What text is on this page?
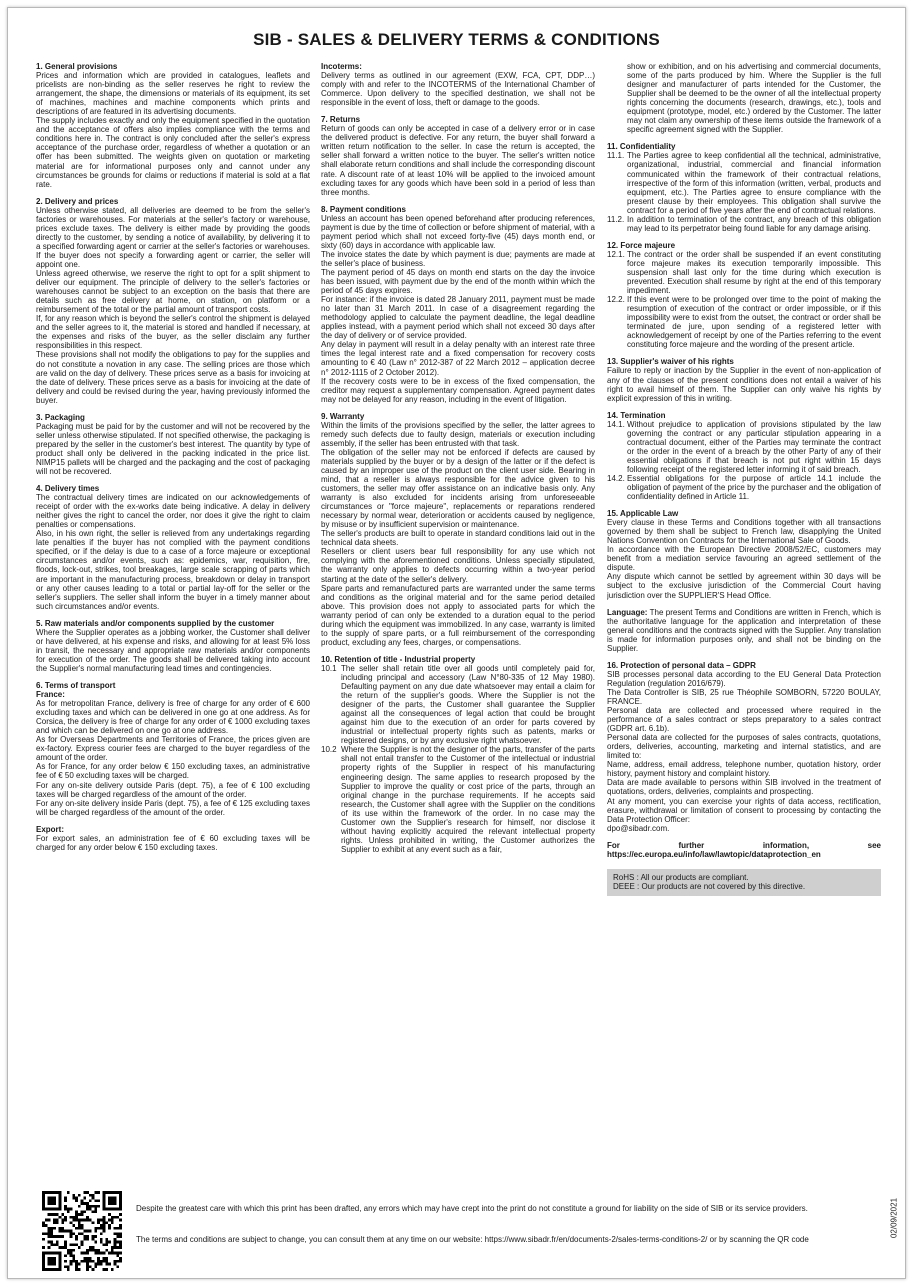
SIB - SALES & DELIVERY TERMS & CONDITIONS
1. General provisions
Prices and information which are provided in catalogues, leaflets and pricelists are non-binding as the seller reserves he right to review the arrangement, the shape, the dimensions or materials of its equipment, its set of machines, machines and machine components which prints and descriptions of are featured in its advertising documents.
The supply includes exactly and only the equipment specified in the quotation and the acceptance of offers also implies compliance with the terms and conditions here in. The contract is only concluded after the seller's express acceptance of the purchase order, regardless of whether a quotation or an offer has been submitted. The weights given on quotation or marketing material are for informational purposes only and cannot under any circumstances be grounds for claims or reductions if material is sold at a flat rate.
2. Delivery and prices
Unless otherwise stated, all deliveries are deemed to be from the seller's factories or warehouses. For materials at the seller's factory or warehouse, prices exclude taxes. The delivery is either made by providing the goods directly to the customer, by sending a notice of availability, by delivering it to a specified forwarding agent or carrier at the seller's factories or warehouses. If the buyer does not specify a forwarding agent or carrier, the seller will appoint one.
Unless agreed otherwise, we reserve the right to opt for a split shipment to deliver our equipment. The principle of delivery to the seller's factories or warehouses cannot be subject to an exception on the basis that there are details such as free delivery at home, on station, on platform or a reimbursement of the total or the partial amount of transport costs.
If, for any reason which is beyond the seller's control the shipment is delayed and the seller agrees to it, the material is stored and handled if necessary, at the expenses and risks of the buyer, as the seller disclaim any further responsibilities in this respect.
These provisions shall not modify the obligations to pay for the supplies and do not constitute a novation in any case. The selling prices are those which are valid on the day of delivery. These prices serve as a basis for invoicing at the date of delivery. These prices serve as a basis for invoicing at the date of delivery and could be revised during the year, having previously informed the buyer.
3. Packaging
Packaging must be paid for by the customer and will not be recovered by the seller unless otherwise stipulated. If not specified otherwise, the packaging is prepared by the seller in the customer's best interest. The quantity by type of product shall only be delivered in the packing indicated in the price list. NIMP15 pallets will be charged and the packaging and the cost of packaging will not be recovered.
4. Delivery times
The contractual delivery times are indicated on our acknowledgements of receipt of order with the ex-works date being indicative. A delay in delivery neither gives the right to cancel the order, nor does it give the right to claim penalties or compensations.
Also, in his own right, the seller is relieved from any undertakings regarding late penalties if the buyer has not complied with the payment conditions specified, or if the delay is due to a case of a force majeure or exceptional circumstances and/or events, such as: epidemics, war, requisition, fire, floods, lock-out, strikes, tool breakages, large scale scrapping of parts which are important in the manufacturing process, breakdown or delay in transport or any other causes leading to a total or partial lay-off for the seller or the seller's suppliers. The seller shall inform the buyer in a timely manner about such circumstances and/or events.
5. Raw materials and/or components supplied by the customer
Where the Supplier operates as a jobbing worker, the Customer shall deliver or have delivered, at his expense and risks, and allowing for at least 5% loss in transit, the necessary and appropriate raw materials and/or components for execution of the order. The goods shall be delivered taking into account the Supplier's normal manufacturing lead times and contingencies.
6. Terms of transport
France:
As for metropolitan France, delivery is free of charge for any order of € 600 excluding taxes and which can be delivered in one go at one address. As for Corsica, the delivery is free of charge for any order of € 1000 excluding taxes and which can be delivered on one go at one address.
As for Overseas Departments and Territories of France, the prices given are ex-factory. Express courier fees are charged to the buyer regardless of the amount of the order.
As for France, for any order below € 150 excluding taxes, an administrative fee of € 50 excluding taxes will be charged.
For any on-site delivery outside Paris (dept. 75), a fee of € 100 excluding taxes will be charged regardless of the amount of the order.
For any on-site delivery inside Paris (dept. 75), a fee of € 125 excluding taxes will be charged regardless of the amount of the order.
Export:
For export sales, an administration fee of € 60 excluding taxes will be charged for any order below € 150 excluding taxes.
Incoterms:
Delivery terms as outlined in our agreement (EXW, FCA, CPT, DDP…) comply with and refer to the INCOTERMS of the International Chamber of Commerce. Upon delivery to the specified destination, we shall not be responsible in the event of loss, theft or damage to the goods.
7. Returns
Return of goods can only be accepted in case of a delivery error or in case the delivered product is defective. For any return, the buyer shall forward a written return notification to the seller. In case the return is accepted, the seller shall forward a written notice to the buyer. The seller's written notice shall elaborate return conditions and shall include the corresponding discount rate. A discount rate of at least 10% will be applied to the invoiced amount excluding taxes for any goods which have been sold in a period of less than three months.
8. Payment conditions
Unless an account has been opened beforehand after producing references, payment is due by the time of collection or before shipment of material, with a payment period which shall not exceed forty-five (45) days month end, or sixty (60) days in accordance with applicable law.
The invoice states the date by which payment is due; payments are made at the seller's place of business.
The payment period of 45 days on month end starts on the day the invoice has been issued, with payment due by the end of the month within which the period of 45 days expires.
For instance: if the invoice is dated 28 January 2011, payment must be made no later than 31 March 2011. In case of a disagreement regarding the methodology applied to calculate the payment deadline, the legal deadline applies instead, with a payment period which shall not exceed 30 days after the day of delivery or of service provided.
Any delay in payment will result in a delay penalty with an interest rate three times the legal interest rate and a fixed compensation for recovery costs amounting to € 40 (Law n° 2012-387 of 22 March 2012 – application decree n° 2012-1115 of 2 October 2012).
If the recovery costs were to be in excess of the fixed compensation, the creditor may request a supplementary compensation. Agreed payment dates may not be delayed for any reason, including in the event of litigation.
9. Warranty
Within the limits of the provisions specified by the seller, the latter agrees to remedy such defects due to faulty design, materials or execution including assembly, if the seller has been entrusted with that task.
The obligation of the seller may not be enforced if defects are caused by materials supplied by the buyer or by a design of the latter or if the defect is caused by an improper use of the product on the client user side. Bearing in mind, that a reseller is always responsible for the advice given to his customers, the seller may offer assistance on an indicative basis only. Any warranty is also excluded for incidents arising from unforeseeable circumstances or "force majeure", replacements or reparations rendered necessary by normal wear, deterioration or accidents caused by negligence, by misuse or by insufficient supervision or maintenance.
The seller's products are built to operate in standard conditions laid out in the technical data sheets.
Resellers or client users bear full responsibility for any use which not complying with the aforementioned conditions. Unless specially stipulated, the warranty only applies to defects occurring within a two-year period starting at the date of the seller's delivery.
Spare parts and remanufactured parts are warranted under the same terms and conditions as the original material and for the same period detailed above. This provision does not apply to associated parts for which the warranty period of can only be extended to a duration equal to the period during which the equipment was immobilized. In any case, warranty is limited to the supply of spare parts, or a full reimbursement of the corresponding product, excluding any fees, charges, or compensations.
10. Retention of title - Industrial property
10.1 The seller shall retain title over all goods until completely paid for, including principal and accessory (Law N°80-335 of 12 May 1980). Defaulting payment on any due date whatsoever may entail a claim for the return of the supplier's goods. Where the Supplier is not the designer of the parts, the Customer shall guarantee the Supplier against all the consequences of legal action that could be brought against him due to the execution of an order for parts covered by industrial or intellectual property rights such as patents, marks or registered designs, or by any exclusive right whatsoever.
10.2 Where the Supplier is not the designer of the parts, transfer of the parts shall not entail transfer to the Customer of the intellectual or industrial property rights of the Supplier in respect of his manufacturing engineering design. The same applies to research proposed by the Supplier to improve the quality or cost price of the parts, through an original change in the purchase requirements. If he accepts said research, the Customer shall agree with the Supplier on the conditions of its use within the framework of the order. In no case may the Customer own the Supplier's research for himself, nor disclose it without having explicitly acquired the relevant intellectual property rights. Unless prohibited in writing, the Customer authorizes the Supplier to exhibit at any event such as a fair,
show or exhibition, and on his advertising and commercial documents, some of the parts produced by him. Where the Supplier is the full designer and manufacturer of parts intended for the Customer, the Supplier shall be deemed to be the owner of all the intellectual property rights concerning the documents (research, drawings, etc.), tools and equipment (prototype, model, etc.) ordered by the Customer. The latter may not claim any ownership of these items outside the framework of a specific agreement signed with the Supplier.
11. Confidentiality
11.1. The Parties agree to keep confidential all the technical, administrative, organizational, industrial, commercial and financial information communicated within the framework of their contractual relations, irrespective of the form of this information (written, verbal, products and equipment, etc.). The Parties agree to ensure compliance with the present clause by their employees. This obligation shall survive the contract for a period of five years after the end of contractual relations.
11.2. In addition to termination of the contract, any breach of this obligation may lead to its perpetrator being found liable for any damage arising.
12. Force majeure
12.1. The contract or the order shall be suspended if an event constituting force majeure makes its execution temporarily impossible. This suspension shall last only for the time during which execution is prevented. Execution shall resume by right at the end of this temporary impediment.
12.2. If this event were to be prolonged over time to the point of making the resumption of execution of the contract or order impossible, or if this impossibility were to exist from the outset, the contract or order shall be terminated de jure, upon sending of a registered letter with acknowledgement of receipt by one of the Parties referring to the event constituting force majeure and the wording of the present article.
13. Supplier's waiver of his rights
Failure to reply or inaction by the Supplier in the event of non-application of any of the clauses of the present conditions does not entail a waiver of his right to avail himself of them. The Supplier can only waive his rights by explicit expression of this in writing.
14. Termination
14.1. Without prejudice to application of provisions stipulated by the law governing the contract or any particular stipulation appearing in a contractual document, either of the Parties may terminate the contract or the order in the event of a breach by the other Party of any of their essential obligations if that breach is not put right within 15 days following receipt of the registered letter informing it of said breach.
14.2. Essential obligations for the purpose of article 14.1 include the obligation of payment of the price by the purchaser and the obligation of confidentiality defined in Article 11.
15. Applicable Law
Every clause in these Terms and Conditions together with all transactions governed by them shall be subject to French law, disapplying the United Nations Convention on Contracts for the International Sale of Goods.
In accordance with the European Directive 2008/52/EC, customers may benefit from a mediation service favouring an agreed settlement of the dispute.
Any dispute which cannot be settled by agreement within 30 days will be subject to the exclusive jurisdiction of the Commercial Court having jurisdiction over the SUPPLIER'S Head Office.
Language: The present Terms and Conditions are written in French, which is the authoritative language for the application and interpretation of these general conditions and the contracts signed with the Supplier. Any translation is made for information purposes only, and shall not be binding on the Supplier.
16. Protection of personal data – GDPR
SIB processes personal data according to the EU General Data Protection Regulation (regulation 2016/679).
The Data Controller is SIB, 25 rue Théophile SOMBORN, 57220 BOULAY, FRANCE.
Personal data are collected and processed where required in the performance of a sales contract or steps preparatory to a sales contract (GDPR art. 6.1b).
Personal data are collected for the purposes of sales contracts, quotations, orders, deliveries, accounting, marketing and internal statistics, and are limited to:
Name, address, email address, telephone number, quotation history, order history, payment history and complaint history.
Data are made available to persons within SIB involved in the treatment of quotations, orders, deliveries, complaints and prospecting.
At any moment, you can exercise your rights of data access, rectification, erasure, withdrawal or limitation of consent to processing by contacting the Data Protection Officer:
dpo@sibadr.com.
For further information, see https://ec.europa.eu/info/law/lawtopic/dataprotection_en
RoHS : All our products are compliant.
DEEE : Our products are not covered by this directive.
Despite the greatest care with which this print has been drafted, any errors which may have crept into the print do not constitute a ground for liability on the side of SIB or its service providers.
The terms and conditions are subject to change, you can consult them at any time on our website: https://www.sibadr.fr/en/documents-2/sales-terms-conditions-2/ or by scanning the QR code
02/09/2021
